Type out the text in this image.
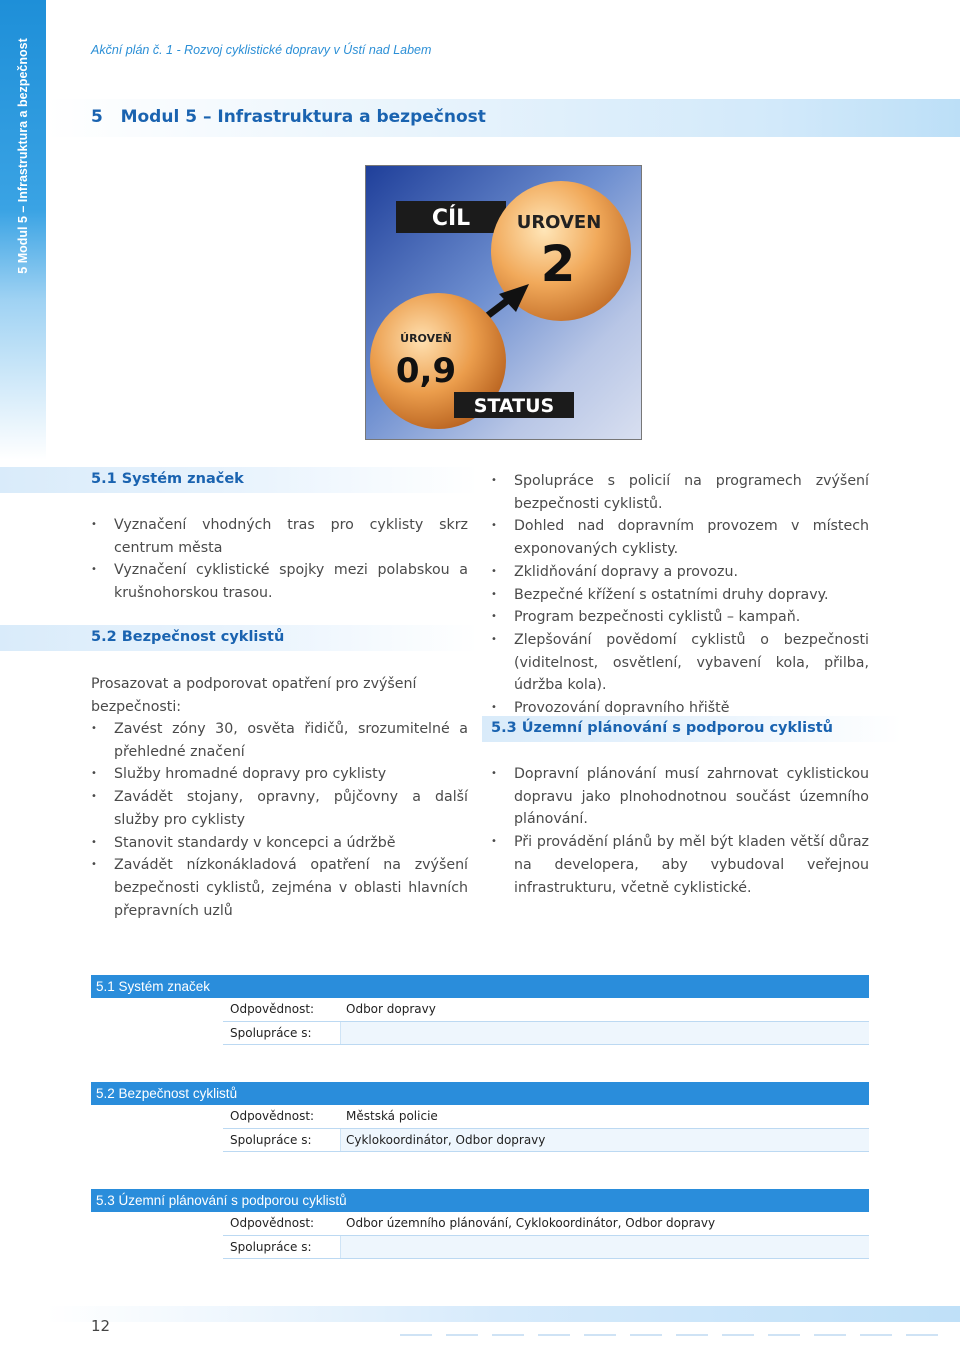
5 Modul 5 – Infrastruktura a bezpečnost	Akční plán č. 1 - Rozvoj cyklistické dopravy v Ústí nad Labem
5   Modul 5 – Infrastruktura a bezpečnost
CÍL	UROVEN
2
ÚROVEŇ
0,9
STATUS
5.1 Systém značek
• Vyznačení vhodných tras pro cyklisty skrz centrum města
• Vyznačení cyklistické spojky mezi polabskou a krušnohorskou trasou.
5.2 Bezpečnost cyklistů
Prosazovat a podporovat opatření pro zvýšení bezpečnosti:
• Zavést zóny 30, osvěta řidičů, srozumitelné a přehledné značení
• Služby hromadné dopravy pro cyklisty
• Zavádět stojany, opravny, půjčovny a další služby pro cyklisty
• Stanovit standardy v koncepci a údržbě
• Zavádět nízkonákladová opatření na zvýšení bezpečnosti cyklistů, zejména v oblasti hlavních přepravních uzlů
• Spolupráce s policií na programech zvýšení bezpečnosti cyklistů.
• Dohled nad dopravním provozem v místech exponovaných cyklisty.
• Zklidňování dopravy a provozu.
• Bezpečné křížení s ostatními druhy dopravy.
• Program bezpečnosti cyklistů – kampaň.
• Zlepšování povědomí cyklistů o bezpečnosti (viditelnost, osvětlení, vybavení kola, přilba, údržba kola).
• Provozování dopravního hřiště
5.3 Územní plánování s podporou cyklistů
• Dopravní plánování musí zahrnovat cyklistickou dopravu jako plnohodnotnou součást územního plánování.
• Při provádění plánů by měl být kladen větší důraz na developera, aby vybudoval veřejnou infrastrukturu, včetně cyklistické.
5.1 Systém značek
Odpovědnost:	Odbor dopravy
Spolupráce s:
5.2 Bezpečnost cyklistů
Odpovědnost:	Městská policie
Spolupráce s:	Cyklokoordinátor, Odbor dopravy
5.3 Územní plánování s podporou cyklistů
Odpovědnost:	Odbor územního plánování, Cyklokoordinátor, Odbor dopravy
Spolupráce s:
12
